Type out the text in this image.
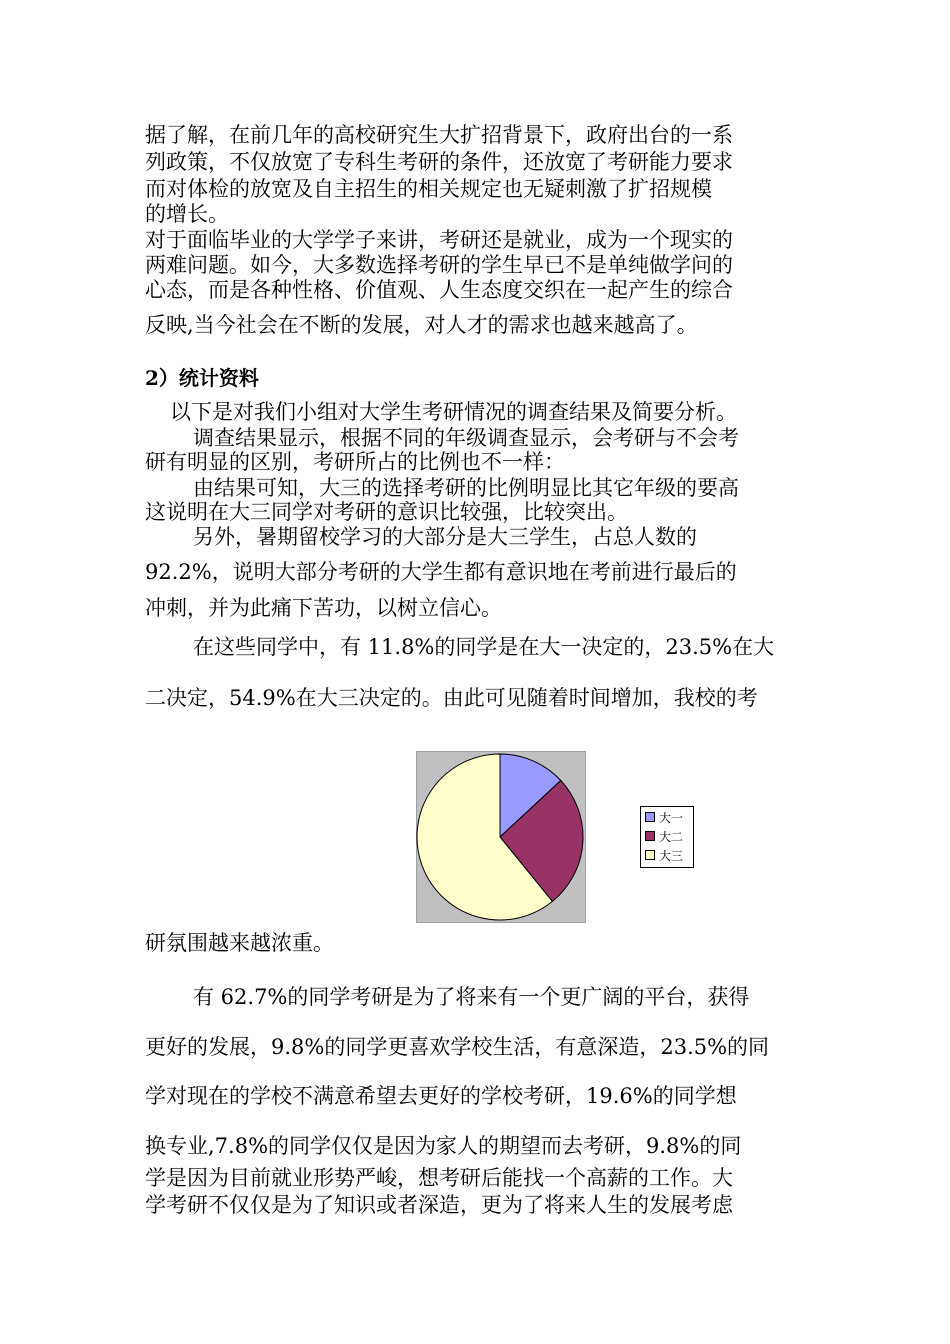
据了解，在前几年的高校研究生大扩招背景下，政府出台的一系
列政策，不仅放宽了专科生考研的条件，还放宽了考研能力要求
而对体检的放宽及自主招生的相关规定也无疑刺激了扩招规模
的增长。
对于面临毕业的大学学子来讲，考研还是就业，成为一个现实的
两难问题。如今，大多数选择考研的学生早已不是单纯做学问的
心态，而是各种性格、价值观、人生态度交织在一起产生的综合
反映,当今社会在不断的发展，对人才的需求也越来越高了。
2）统计资料
以下是对我们小组对大学生考研情况的调查结果及简要分析。
调查结果显示，根据不同的年级调查显示，会考研与不会考
研有明显的区别，考研所占的比例也不一样：
由结果可知，大三的选择考研的比例明显比其它年级的要高
这说明在大三同学对考研的意识比较强，比较突出。
另外，暑期留校学习的大部分是大三学生，占总人数的
92.2%，说明大部分考研的大学生都有意识地在考前进行最后的
冲刺，并为此痛下苦功，以树立信心。
在这些同学中，有 11.8%的同学是在大一决定的，23.5%在大
二决定，54.9%在大三决定的。由此可见随着时间增加，我校的考
大一
大二
大三
研氛围越来越浓重。
有 62.7%的同学考研是为了将来有一个更广阔的平台，获得
更好的发展，9.8%的同学更喜欢学校生活，有意深造，23.5%的同
学对现在的学校不满意希望去更好的学校考研，19.6%的同学想
换专业,7.8%的同学仅仅是因为家人的期望而去考研，9.8%的同
学是因为目前就业形势严峻，想考研后能找一个高薪的工作。大
学考研不仅仅是为了知识或者深造，更为了将来人生的发展考虑
